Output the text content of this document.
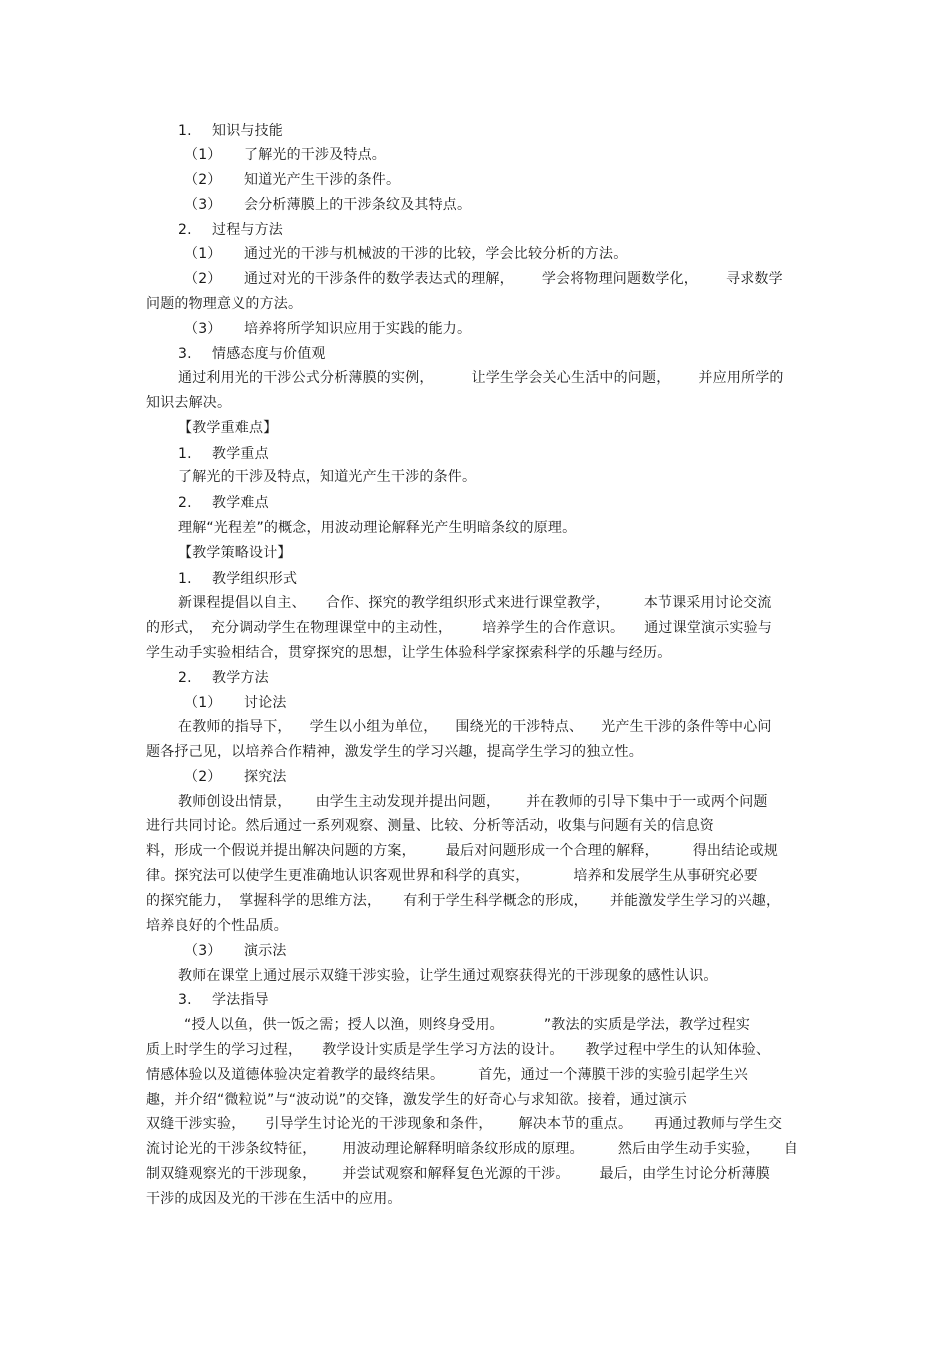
1. 知识与技能
（1） 了解光的干涉及特点。
（2） 知道光产生干涉的条件。
（3） 会分析薄膜上的干涉条纹及其特点。
2. 过程与方法
（1） 通过光的干涉与机械波的干涉的比较，学会比较分析的方法。
（2） 通过对光的干涉条件的数学表达式的理解， 学会将物理问题数学化， 寻求数学
问题的物理意义的方法。
（3） 培养将所学知识应用于实践的能力。
3. 情感态度与价值观
通过利用光的干涉公式分析薄膜的实例，	让学生学会关心生活中的问题， 并应用所学的
知识去解决。
【教学重难点】
1. 教学重点
了解光的干涉及特点，知道光产生干涉的条件。
2. 教学难点
理解“光程差”的概念，用波动理论解释光产生明暗条纹的原理。
【教学策略设计】
1. 教学组织形式
新课程提倡以自主、 合作、探究的教学组织形式来进行课堂教学， 本节课采用讨论交流
的形式， 充分调动学生在物理课堂中的主动性， 培养学生的合作意识。 通过课堂演示实验与
学生动手实验相结合，贯穿探究的思想，让学生体验科学家探索科学的乐趣与经历。
2. 教学方法
（1） 讨论法
在教师的指导下， 学生以小组为单位， 围绕光的干涉特点、 光产生干涉的条件等中心问
题各抒己见，以培养合作精神，激发学生的学习兴趣，提高学生学习的独立性。
（2） 探究法
教师创设出情景， 由学生主动发现并提出问题， 并在教师的引导下集中于一或两个问题
进行共同讨论。然后通过一系列观察、测量、比较、分析等活动，收集与问题有关的信息资
料，形成一个假说并提出解决问题的方案， 最后对问题形成一个合理的解释， 得出结论或规
律。探究法可以使学生更准确地认识客观世界和科学的真实，	培养和发展学生从事研究必要
的探究能力， 掌握科学的思维方法， 有利于学生科学概念的形成， 并能激发学生学习的兴趣，
培养良好的个性品质。
（3） 演示法
教师在课堂上通过展示双缝干涉实验，让学生通过观察获得光的干涉现象的感性认识。
3. 学法指导
“授人以鱼，供一饭之需；授人以渔，则终身受用。	”教法的实质是学法，教学过程实
质上时学生的学习过程， 教学设计实质是学生学习方法的设计。 教学过程中学生的认知体验、
情感体验以及道德体验决定着教学的最终结果。 首先，通过一个薄膜干涉的实验引起学生兴
趣，并介绍“微粒说”与“波动说”的交锋，激发学生的好奇心与求知欲。接着，通过演示
双缝干涉实验， 引导学生讨论光的干涉现象和条件， 解决本节的重点。 再通过教师与学生交
流讨论光的干涉条纹特征， 用波动理论解释明暗条纹形成的原理。 然后由学生动手实验， 自
制双缝观察光的干涉现象， 并尝试观察和解释复色光源的干涉。 最后，由学生讨论分析薄膜
干涉的成因及光的干涉在生活中的应用。
